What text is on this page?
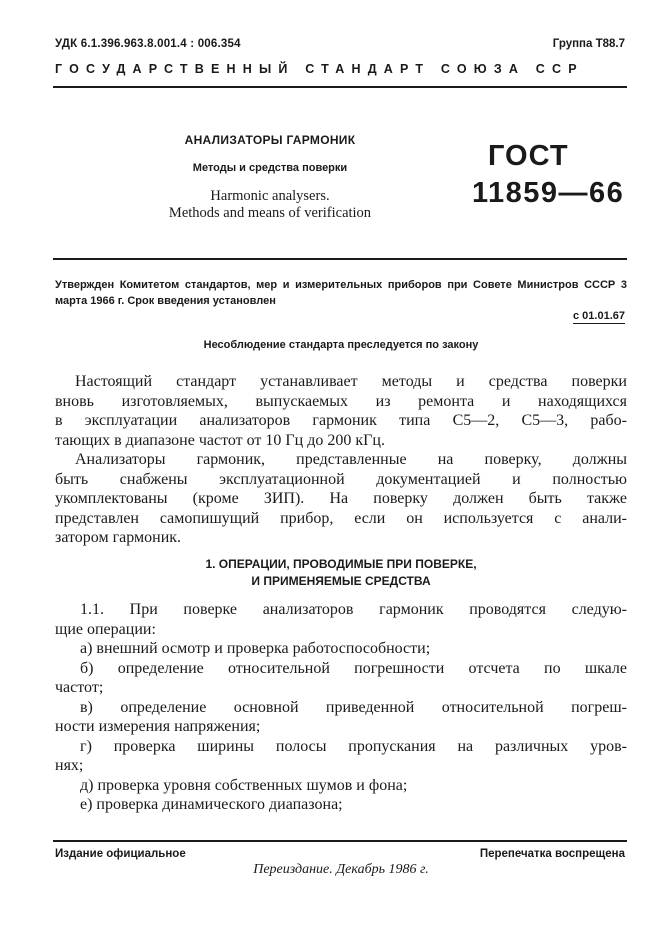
УДК 6.1.396.963.8.001.4 : 006.354	Группа Т88.7
ГОСУДАРСТВЕННЫЙ СТАНДАРТ СОЮЗА ССР
АНАЛИЗАТОРЫ ГАРМОНИК
Методы и средства поверки
Harmonic analysers.
Methods and means of verification
ГОСТ
11859—66
Утвержден Комитетом стандартов, мер и измерительных приборов при Совете Министров СССР 3 марта 1966 г. Срок введения установлен
с 01.01.67
Несоблюдение стандарта преследуется по закону
Настоящий стандарт устанавливает методы и средства поверки
вновь изготовляемых, выпускаемых из ремонта и находящихся
в эксплуатации анализаторов гармоник типа С5—2, С5—3, рабо-
тающих в диапазоне частот от 10 Гц до 200 кГц.
Анализаторы гармоник, представленные на поверку, должны
быть снабжены эксплуатационной документацией и полностью
укомплектованы (кроме ЗИП). На поверку должен быть также
представлен самопишущий прибор, если он используется с анали-
затором гармоник.
1. ОПЕРАЦИИ, ПРОВОДИМЫЕ ПРИ ПОВЕРКЕ,
И ПРИМЕНЯЕМЫЕ СРЕДСТВА
1.1. При поверке анализаторов гармоник проводятся следую-
щие операции:
а) внешний осмотр и проверка работоспособности;
б) определение относительной погрешности отсчета по шкале
частот;
в) определение основной приведенной относительной погреш-
ности измерения напряжения;
г) проверка ширины полосы пропускания на различных уров-
нях;
д) проверка уровня собственных шумов и фона;
е) проверка динамического диапазона;
Издание официальное	Перепечатка воспрещена
Переиздание. Декабрь 1986 г.
